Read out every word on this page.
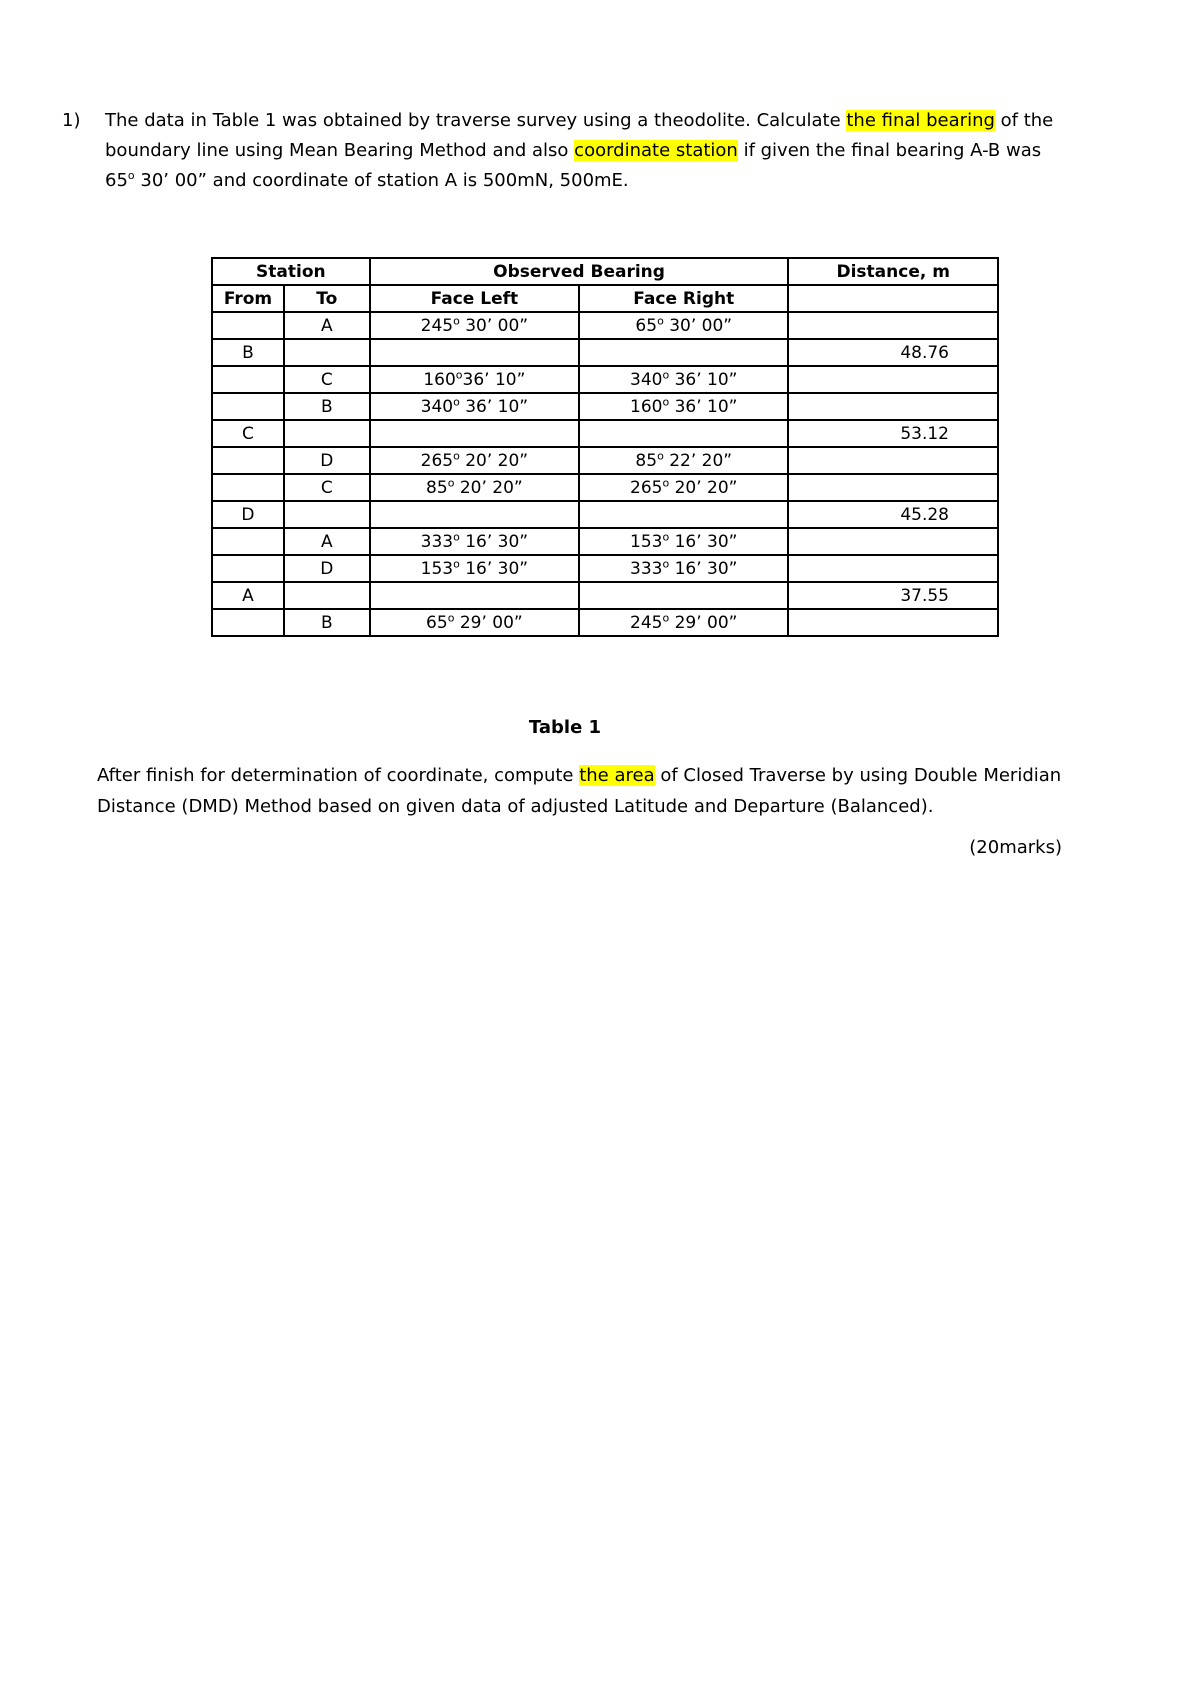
1)	The data in Table 1 was obtained by traverse survey using a theodolite. Calculate the final bearing of the boundary line using Mean Bearing Method and also coordinate station if given the final bearing A-B was 65$^o$ 30’ 00” and coordinate of station A is 500mN, 500mE.
Station		Observed Bearing		Distance, m
From	To	Face Left	Face Right	
	A	245$^o$ 30’ 00”	65$^o$ 30’ 00”	
B				48.76
	C	160$^o$36’ 10”	340$^o$ 36’ 10”	
	B	340$^o$ 36’ 10”	160$^o$ 36’ 10”	
C				53.12
	D	265$^o$ 20’ 20”	85$^o$ 22’ 20”	
	C	85$^o$ 20’ 20”	265$^o$ 20’ 20”	
D				45.28
	A	333$^o$ 16’ 30”	153$^o$ 16’ 30”	
	D	153$^o$ 16’ 30”	333$^o$ 16’ 30”	
A				37.55
	B	65$^o$ 29’ 00”	245$^o$ 29’ 00”	
Table 1
After finish for determination of coordinate, compute the area of Closed Traverse by using Double Meridian Distance (DMD) Method based on given data of adjusted Latitude and Departure (Balanced).
(20marks)
